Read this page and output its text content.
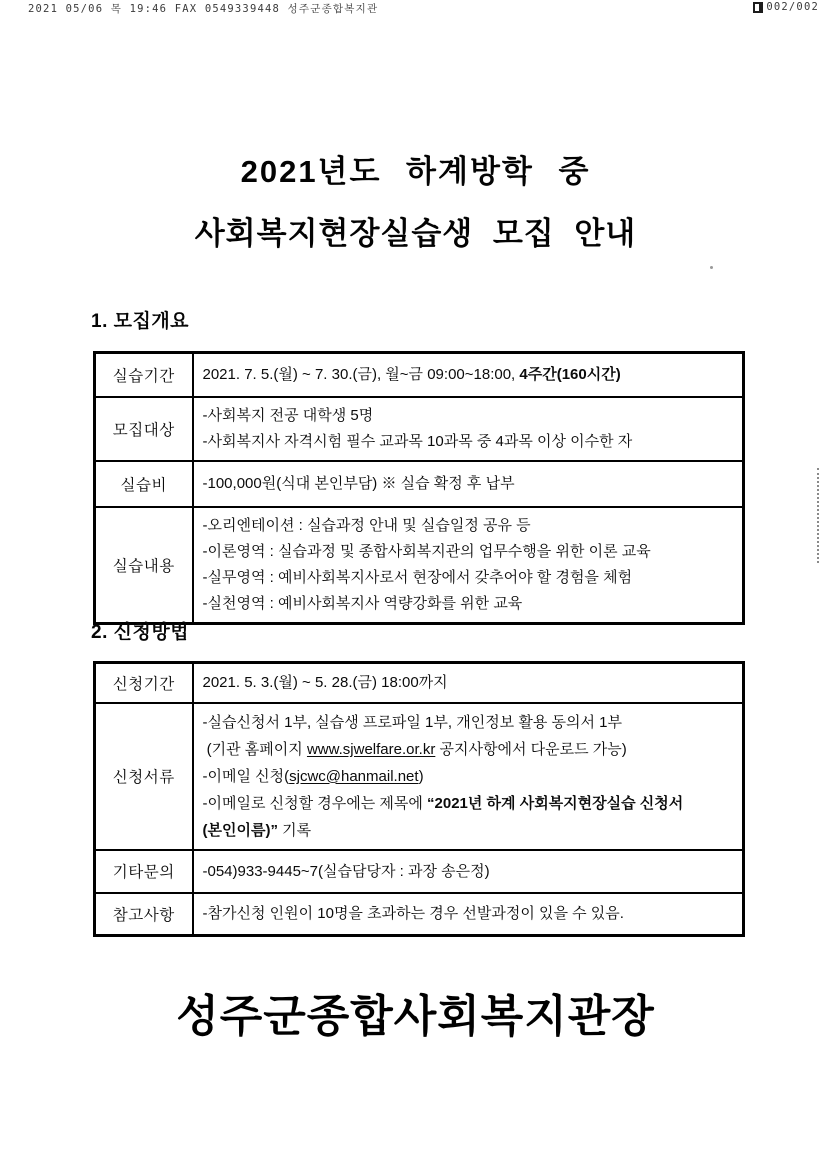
2021 05/06 목 19:46 FAX 0549339448 성주군종합복지관	002/002
2021년도 하계방학 중
사회복지현장실습생 모집 안내
1. 모집개요
실습기간	2021. 7. 5.(월) ~ 7. 30.(금), 월~금 09:00~18:00, 4주간(160시간)

모집대상	-사회복지 전공 대학생 5명
-사회복지사 자격시험 필수 교과목 10과목 중 4과목 이상 이수한 자

실습비	-100,000원(식대 본인부담) ※ 실습 확정 후 납부

실습내용	-오리엔테이션 : 실습과정 안내 및 실습일정 공유 등
-이론영역 : 실습과정 및 종합사회복지관의 업무수행을 위한 이론 교육
-실무영역 : 예비사회복지사로서 현장에서 갖추어야 할 경험을 체험
-실천영역 : 예비사회복지사 역량강화를 위한 교육
2. 신청방법
신청기간	2021. 5. 3.(월) ~ 5. 28.(금) 18:00까지

신청서류	-실습신청서 1부, 실습생 프로파일 1부, 개인정보 활용 동의서 1부
(기관 홈페이지 www.sjwelfare.or.kr 공지사항에서 다운로드 가능)
-이메일 신청(sjcwc@hanmail.net)
-이메일로 신청할 경우에는 제목에 “2021년 하계 사회복지현장실습 신청서
(본인이름)” 기록

기타문의	-054)933-9445~7(실습담당자 : 과장 송은정)

참고사항	-참가신청 인원이 10명을 초과하는 경우 선발과정이 있을 수 있음.
성주군종합사회복지관장
